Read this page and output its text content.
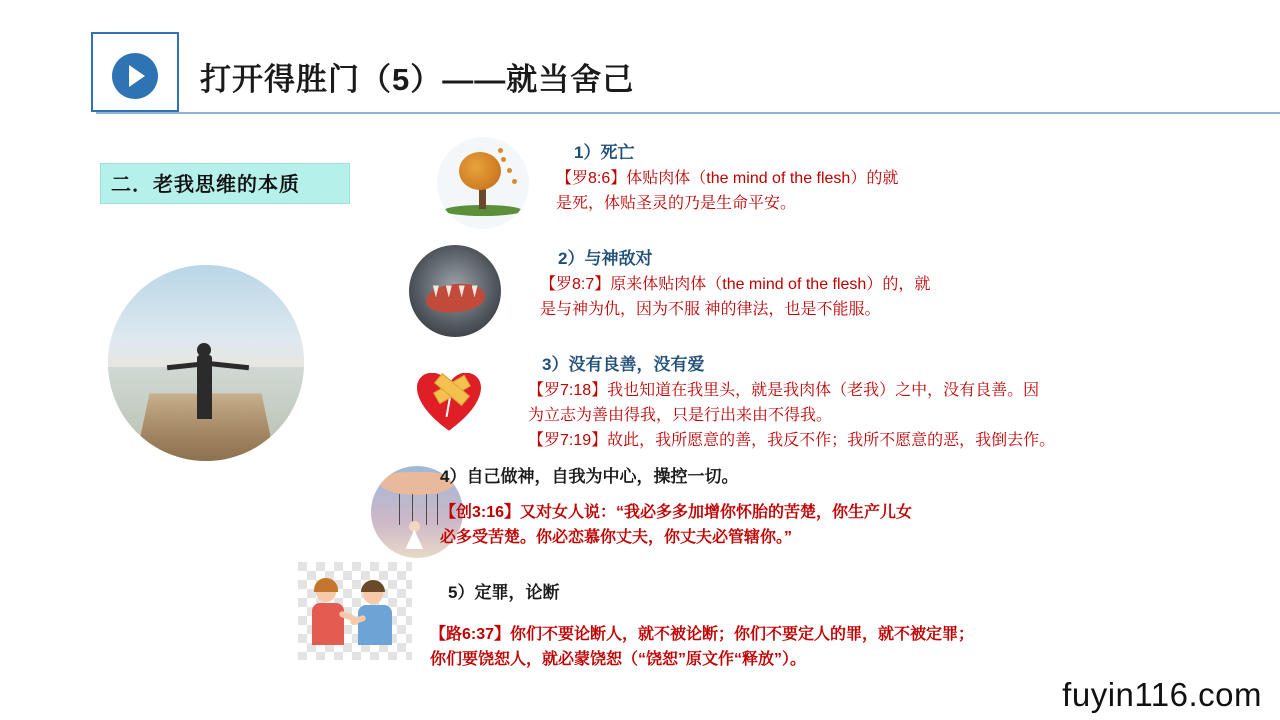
打开得胜门（5）——就当舍己
二．老我思维的本质
1）死亡
【罗8:6】体贴肉体（the mind of the flesh）的就
是死，体贴圣灵的乃是生命平安。
2）与神敌对
【罗8:7】原来体贴肉体（the mind of the flesh）的，就
是与神为仇，因为不服 神的律法，也是不能服。
3）没有良善，没有爱
【罗7:18】我也知道在我里头，就是我肉体（老我）之中，没有良善。因
为立志为善由得我，只是行出来由不得我。
【罗7:19】故此，我所愿意的善，我反不作；我所不愿意的恶，我倒去作。
4）自己做神，自我为中心，操控一切。
【创3:16】又对女人说：“我必多多加增你怀胎的苦楚，你生产儿女
必多受苦楚。你必恋慕你丈夫，你丈夫必管辖你。”
5）定罪，论断
【路6:37】你们不要论断人，就不被论断；你们不要定人的罪，就不被定罪；
你们要饶恕人，就必蒙饶恕（“饶恕”原文作“释放”）。
fuyin116.com
